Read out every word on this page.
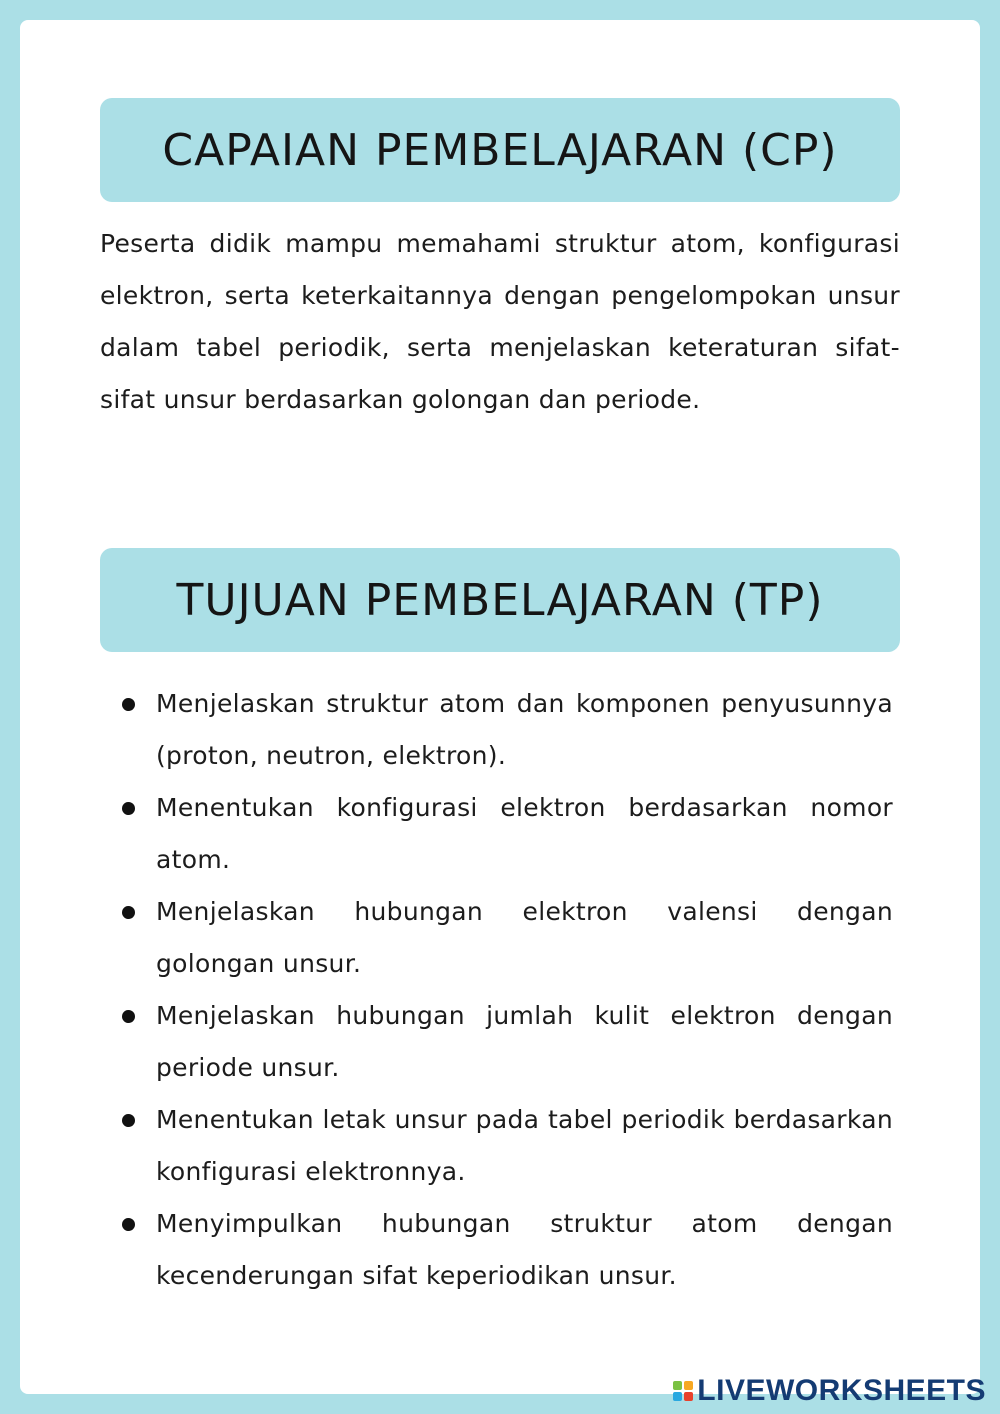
CAPAIAN PEMBELAJARAN (CP)

Peserta didik mampu memahami struktur atom, konfigurasi elektron, serta keterkaitannya dengan pengelompokan unsur dalam tabel periodik, serta menjelaskan keteraturan sifat-sifat unsur berdasarkan golongan dan periode.

TUJUAN PEMBELAJARAN (TP)
Menjelaskan struktur atom dan komponen penyusunnya (proton, neutron, elektron).
Menentukan konfigurasi elektron berdasarkan nomor atom.
Menjelaskan hubungan elektron valensi dengan golongan unsur.
Menjelaskan hubungan jumlah kulit elektron dengan periode unsur.
Menentukan letak unsur pada tabel periodik berdasarkan konfigurasi elektronnya.
Menyimpulkan hubungan struktur atom dengan kecenderungan sifat keperiodikan unsur.
LIVEWORKSHEETS
